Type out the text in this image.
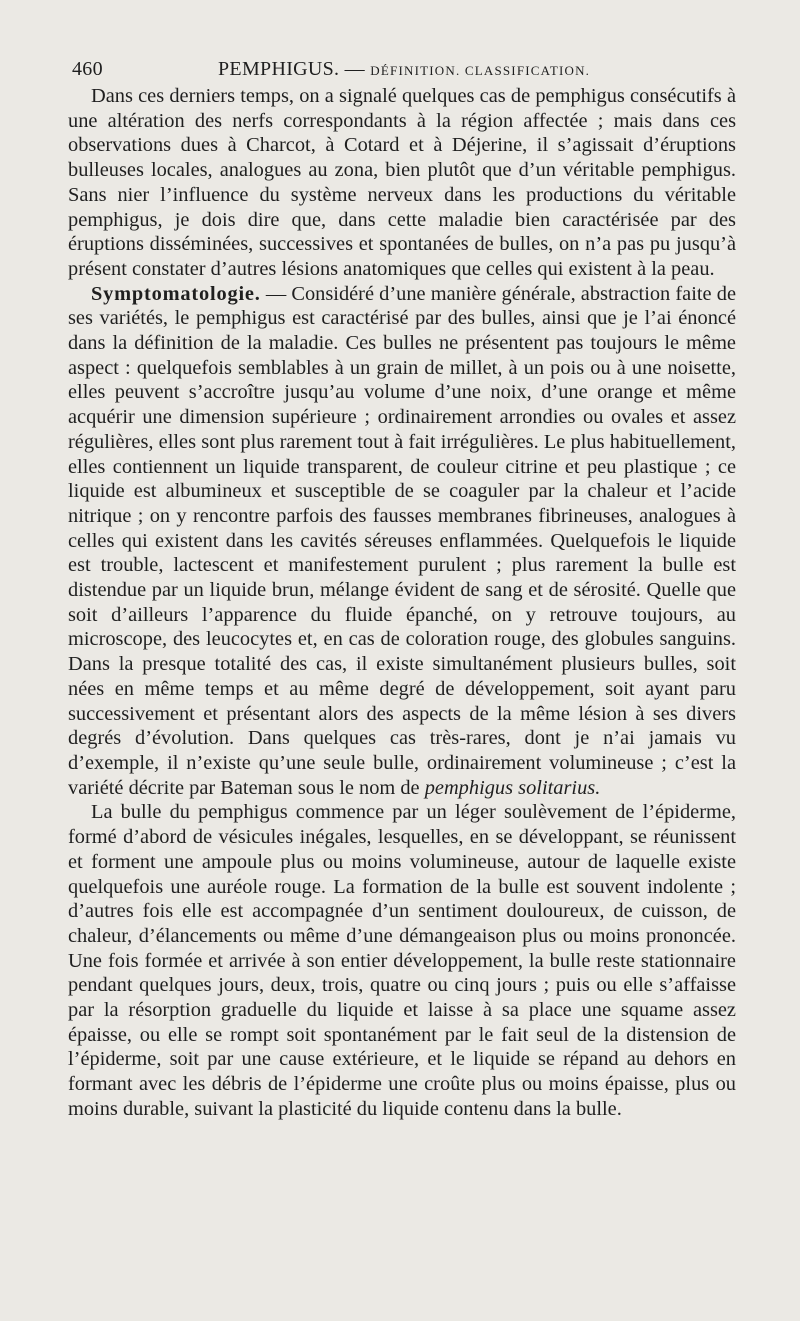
460	PEMPHIGUS. — DÉFINITION. CLASSIFICATION.

Dans ces derniers temps, on a signalé quelques cas de pemphigus consécutifs à une altération des nerfs correspondants à la région affectée ; mais dans ces observations dues à Charcot, à Cotard et à Déjerine, il s’agissait d’éruptions bulleuses locales, analogues au zona, bien plutôt que d’un véritable pemphigus. Sans nier l’influence du système nerveux dans les productions du véritable pemphigus, je dois dire que, dans cette maladie bien caractérisée par des éruptions disséminées, successives et spontanées de bulles, on n’a pas pu jusqu’à présent constater d’autres lésions anatomiques que celles qui existent à la peau.

Symptomatologie. — Considéré d’une manière générale, abstraction faite de ses variétés, le pemphigus est caractérisé par des bulles, ainsi que je l’ai énoncé dans la définition de la maladie. Ces bulles ne présentent pas toujours le même aspect : quelquefois semblables à un grain de millet, à un pois ou à une noisette, elles peuvent s’accroître jusqu’au volume d’une noix, d’une orange et même acquérir une dimension supérieure ; ordinairement arrondies ou ovales et assez régulières, elles sont plus rarement tout à fait irrégulières. Le plus habituellement, elles contiennent un liquide transparent, de couleur citrine et peu plastique ; ce liquide est albumineux et susceptible de se coaguler par la chaleur et l’acide nitrique ; on y rencontre parfois des fausses membranes fibrineuses, analogues à celles qui existent dans les cavités séreuses enflammées. Quelquefois le liquide est trouble, lactescent et manifestement purulent ; plus rarement la bulle est distendue par un liquide brun, mélange évident de sang et de sérosité. Quelle que soit d’ailleurs l’apparence du fluide épanché, on y retrouve toujours, au microscope, des leucocytes et, en cas de coloration rouge, des globules sanguins. Dans la presque totalité des cas, il existe simultanément plusieurs bulles, soit nées en même temps et au même degré de développement, soit ayant paru successivement et présentant alors des aspects de la même lésion à ses divers degrés d’évolution. Dans quelques cas très-rares, dont je n’ai jamais vu d’exemple, il n’existe qu’une seule bulle, ordinairement volumineuse ; c’est la variété décrite par Bateman sous le nom de pemphigus solitarius.

La bulle du pemphigus commence par un léger soulèvement de l’épiderme, formé d’abord de vésicules inégales, lesquelles, en se développant, se réunissent et forment une ampoule plus ou moins volumineuse, autour de laquelle existe quelquefois une auréole rouge. La formation de la bulle est souvent indolente ; d’autres fois elle est accompagnée d’un sentiment douloureux, de cuisson, de chaleur, d’élancements ou même d’une démangeaison plus ou moins prononcée. Une fois formée et arrivée à son entier développement, la bulle reste stationnaire pendant quelques jours, deux, trois, quatre ou cinq jours ; puis ou elle s’affaisse par la résorption graduelle du liquide et laisse à sa place une squame assez épaisse, ou elle se rompt soit spontanément par le fait seul de la distension de l’épiderme, soit par une cause extérieure, et le liquide se répand au dehors en formant avec les débris de l’épiderme une croûte plus ou moins épaisse, plus ou moins durable, suivant la plasticité du liquide contenu dans la bulle.
